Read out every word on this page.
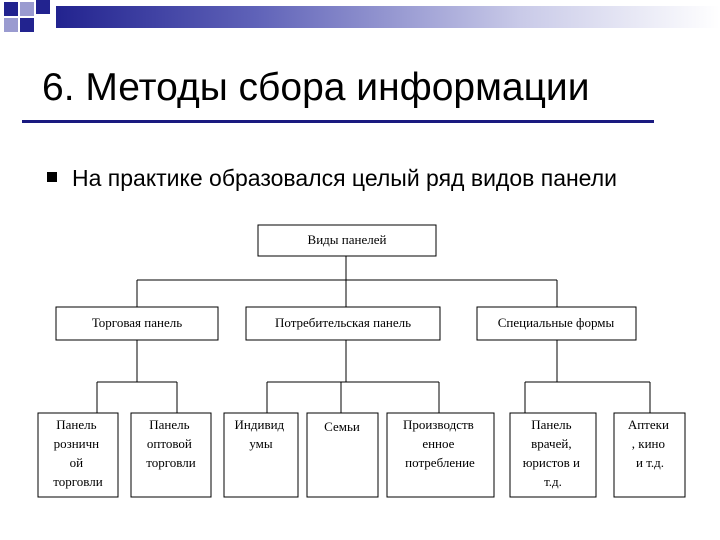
6. Методы сбора информации
На практике образовался целый ряд видов панели
Виды панелей
Торговая панель	Потребительская панель	Специальные формы
Панель розничн ой торговли
Панель оптовой торговли
Индивид умы
Семьи	Производств енное потребление
Панель врачей, юристов и т.д.
Аптеки , кино и т.д.
